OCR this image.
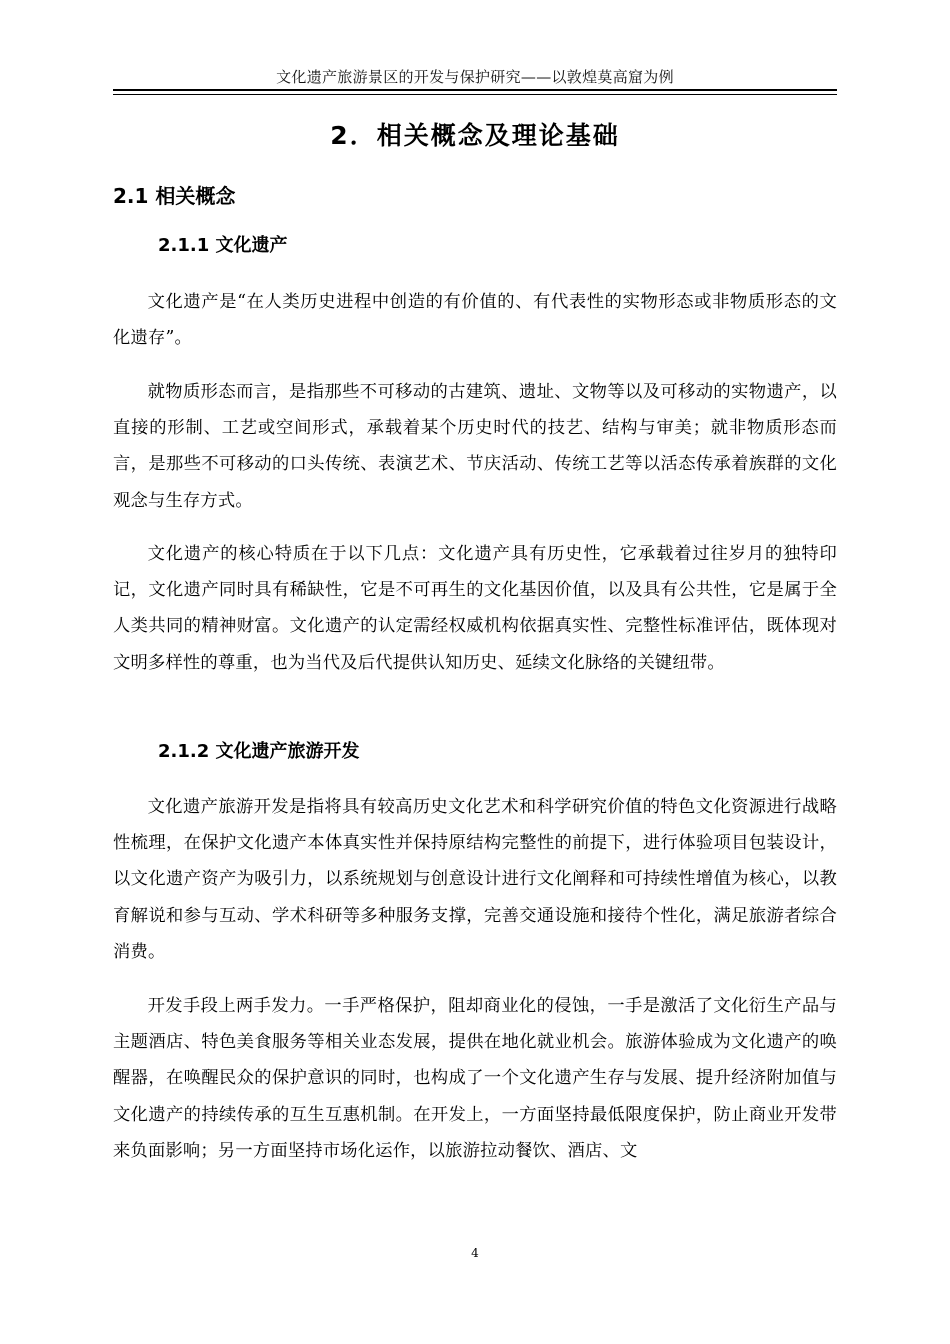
文化遗产旅游景区的开发与保护研究——以敦煌莫高窟为例
2．相关概念及理论基础
2.1 相关概念
2.1.1 文化遗产

文化遗产是“在人类历史进程中创造的有价值的、有代表性的实物形态或非物质形态的文化遗存”。

就物质形态而言，是指那些不可移动的古建筑、遗址、文物等以及可移动的实物遗产，以直接的形制、工艺或空间形式，承载着某个历史时代的技艺、结构与审美；就非物质形态而言，是那些不可移动的口头传统、表演艺术、节庆活动、传统工艺等以活态传承着族群的文化观念与生存方式。

文化遗产的核心特质在于以下几点：文化遗产具有历史性，它承载着过往岁月的独特印记，文化遗产同时具有稀缺性，它是不可再生的文化基因价值，以及具有公共性，它是属于全人类共同的精神财富。文化遗产的认定需经权威机构依据真实性、完整性标准评估，既体现对文明多样性的尊重，也为当代及后代提供认知历史、延续文化脉络的关键纽带。

2.1.2 文化遗产旅游开发

文化遗产旅游开发是指将具有较高历史文化艺术和科学研究价值的特色文化资源进行战略性梳理，在保护文化遗产本体真实性并保持原结构完整性的前提下，进行体验项目包装设计，以文化遗产资产为吸引力，以系统规划与创意设计进行文化阐释和可持续性增值为核心，以教育解说和参与互动、学术科研等多种服务支撑，完善交通设施和接待个性化，满足旅游者综合消费。

开发手段上两手发力。一手严格保护，阻却商业化的侵蚀，一手是激活了文化衍生产品与主题酒店、特色美食服务等相关业态发展，提供在地化就业机会。旅游体验成为文化遗产的唤醒器，在唤醒民众的保护意识的同时，也构成了一个文化遗产生存与发展、提升经济附加值与文化遗产的持续传承的互生互惠机制。在开发上，一方面坚持最低限度保护，防止商业开发带来负面影响；另一方面坚持市场化运作，以旅游拉动餐饮、酒店、文

4
